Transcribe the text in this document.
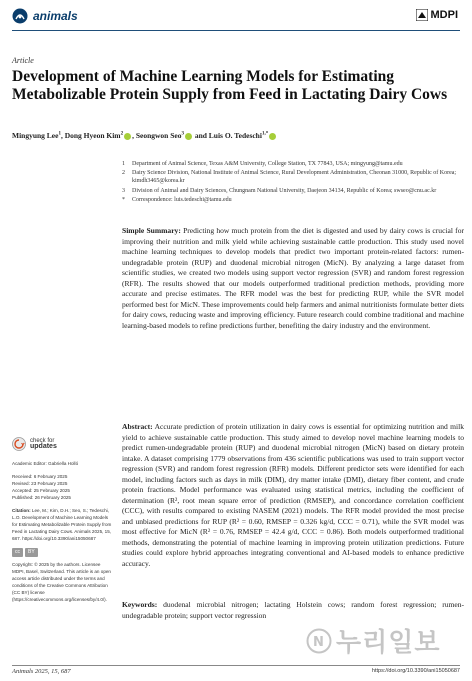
animals	MDPI
Article
Development of Machine Learning Models for Estimating Metabolizable Protein Supply from Feed in Lactating Dairy Cows
Mingyung Lee$^1$, Dong Hyeon Kim$^2$ , Seongwon Seo$^3$ and Luis O. Tedeschi$^{1,*}$
1	Department of Animal Science, Texas A&M University, College Station, TX 77843, USA; mingyung@tamu.edu
2	Dairy Science Division, National Institute of Animal Science, Rural Development Administration, Cheonan 31000, Republic of Korea; kimdh3465@korea.kr
3	Division of Animal and Dairy Sciences, Chungnam National University, Daejeon 34134, Republic of Korea; swseo@cnu.ac.kr
*	Correspondence: luis.tedeschi@tamu.edu
Simple Summary: Predicting how much protein from the diet is digested and used by dairy cows is crucial for improving their nutrition and milk yield while achieving sustainable cattle production. This study used novel machine learning techniques to develop models that predict two important protein-related factors: rumen-undegradable protein (RUP) and duodenal microbial nitrogen (MicN). By analyzing a large dataset from scientific studies, we created two models using support vector regression (SVR) and random forest regression (RFR). The results showed that our models outperformed traditional prediction methods, providing more accurate and precise estimates. The RFR model was the best for predicting RUP, while the SVR model performed best for MicN. These improvements could help farmers and animal nutritionists formulate better diets for dairy cows, reducing waste and improving efficiency. Future research could combine traditional and machine learning-based models to refine predictions further, benefiting the dairy industry and the environment.
Abstract: Accurate prediction of protein utilization in dairy cows is essential for optimizing nutrition and milk yield to achieve sustainable cattle production. This study aimed to develop novel machine learning models to predict rumen-undegradable protein (RUP) and duodenal microbial nitrogen (MicN) based on dietary protein intake. A dataset comprising 1779 observations from 436 scientific publications was used to train support vector regression (SVR) and random forest regression (RFR) models. Different predictor sets were identified for each model, including factors such as days in milk (DIM), dry matter intake (DMI), dietary fiber content, and crude protein fractions. Model performance was evaluated using statistical metrics, including the coefficient of determination (R², root mean square error of prediction (RMSEP), and concordance correlation coefficient (CCC), with results compared to existing NASEM (2021) models. The RFR model provided the most precise and unbiased predictions for RUP (R² = 0.60, RMSEP = 0.326 kg/d, CCC = 0.71), while the SVR model was most effective for MicN (R² = 0.76, RMSEP = 42.4 g/d, CCC = 0.86). Both models outperformed traditional methods, demonstrating the potential of machine learning in improving protein utilization predictions. Future studies could explore hybrid approaches integrating conventional and AI-based models to enhance predictive accuracy.
Keywords: duodenal microbial nitrogen; lactating Holstein cows; random forest regression; rumen-undegradable protein; support vector regression
check for
updates

Academic Editor: Gabriella Holló

Received: 6 February 2025
Revised: 23 February 2025
Accepted: 25 February 2025

Published: 26 February 2025

Citation: Lee, M.; Kim, D.H.; Seo, S.; Tedeschi, L.O. Development of Machine Learning Models for Estimating Metabolizable Protein Supply from Feed in Lactating Dairy Cows. Animals 2025, 15, 687. https://doi.org/10.3390/ani15050687

cc	BY

Copyright: © 2025 by the authors. Licensee MDPI, Basel, Switzerland. This article is an open access article distributed under the terms and conditions of the Creative Commons Attribution (CC BY) license (https://creativecommons.org/licenses/by/4.0/).

Animals 2025, 15, 687	https://doi.org/10.3390/ani15050687
N 누리일보
